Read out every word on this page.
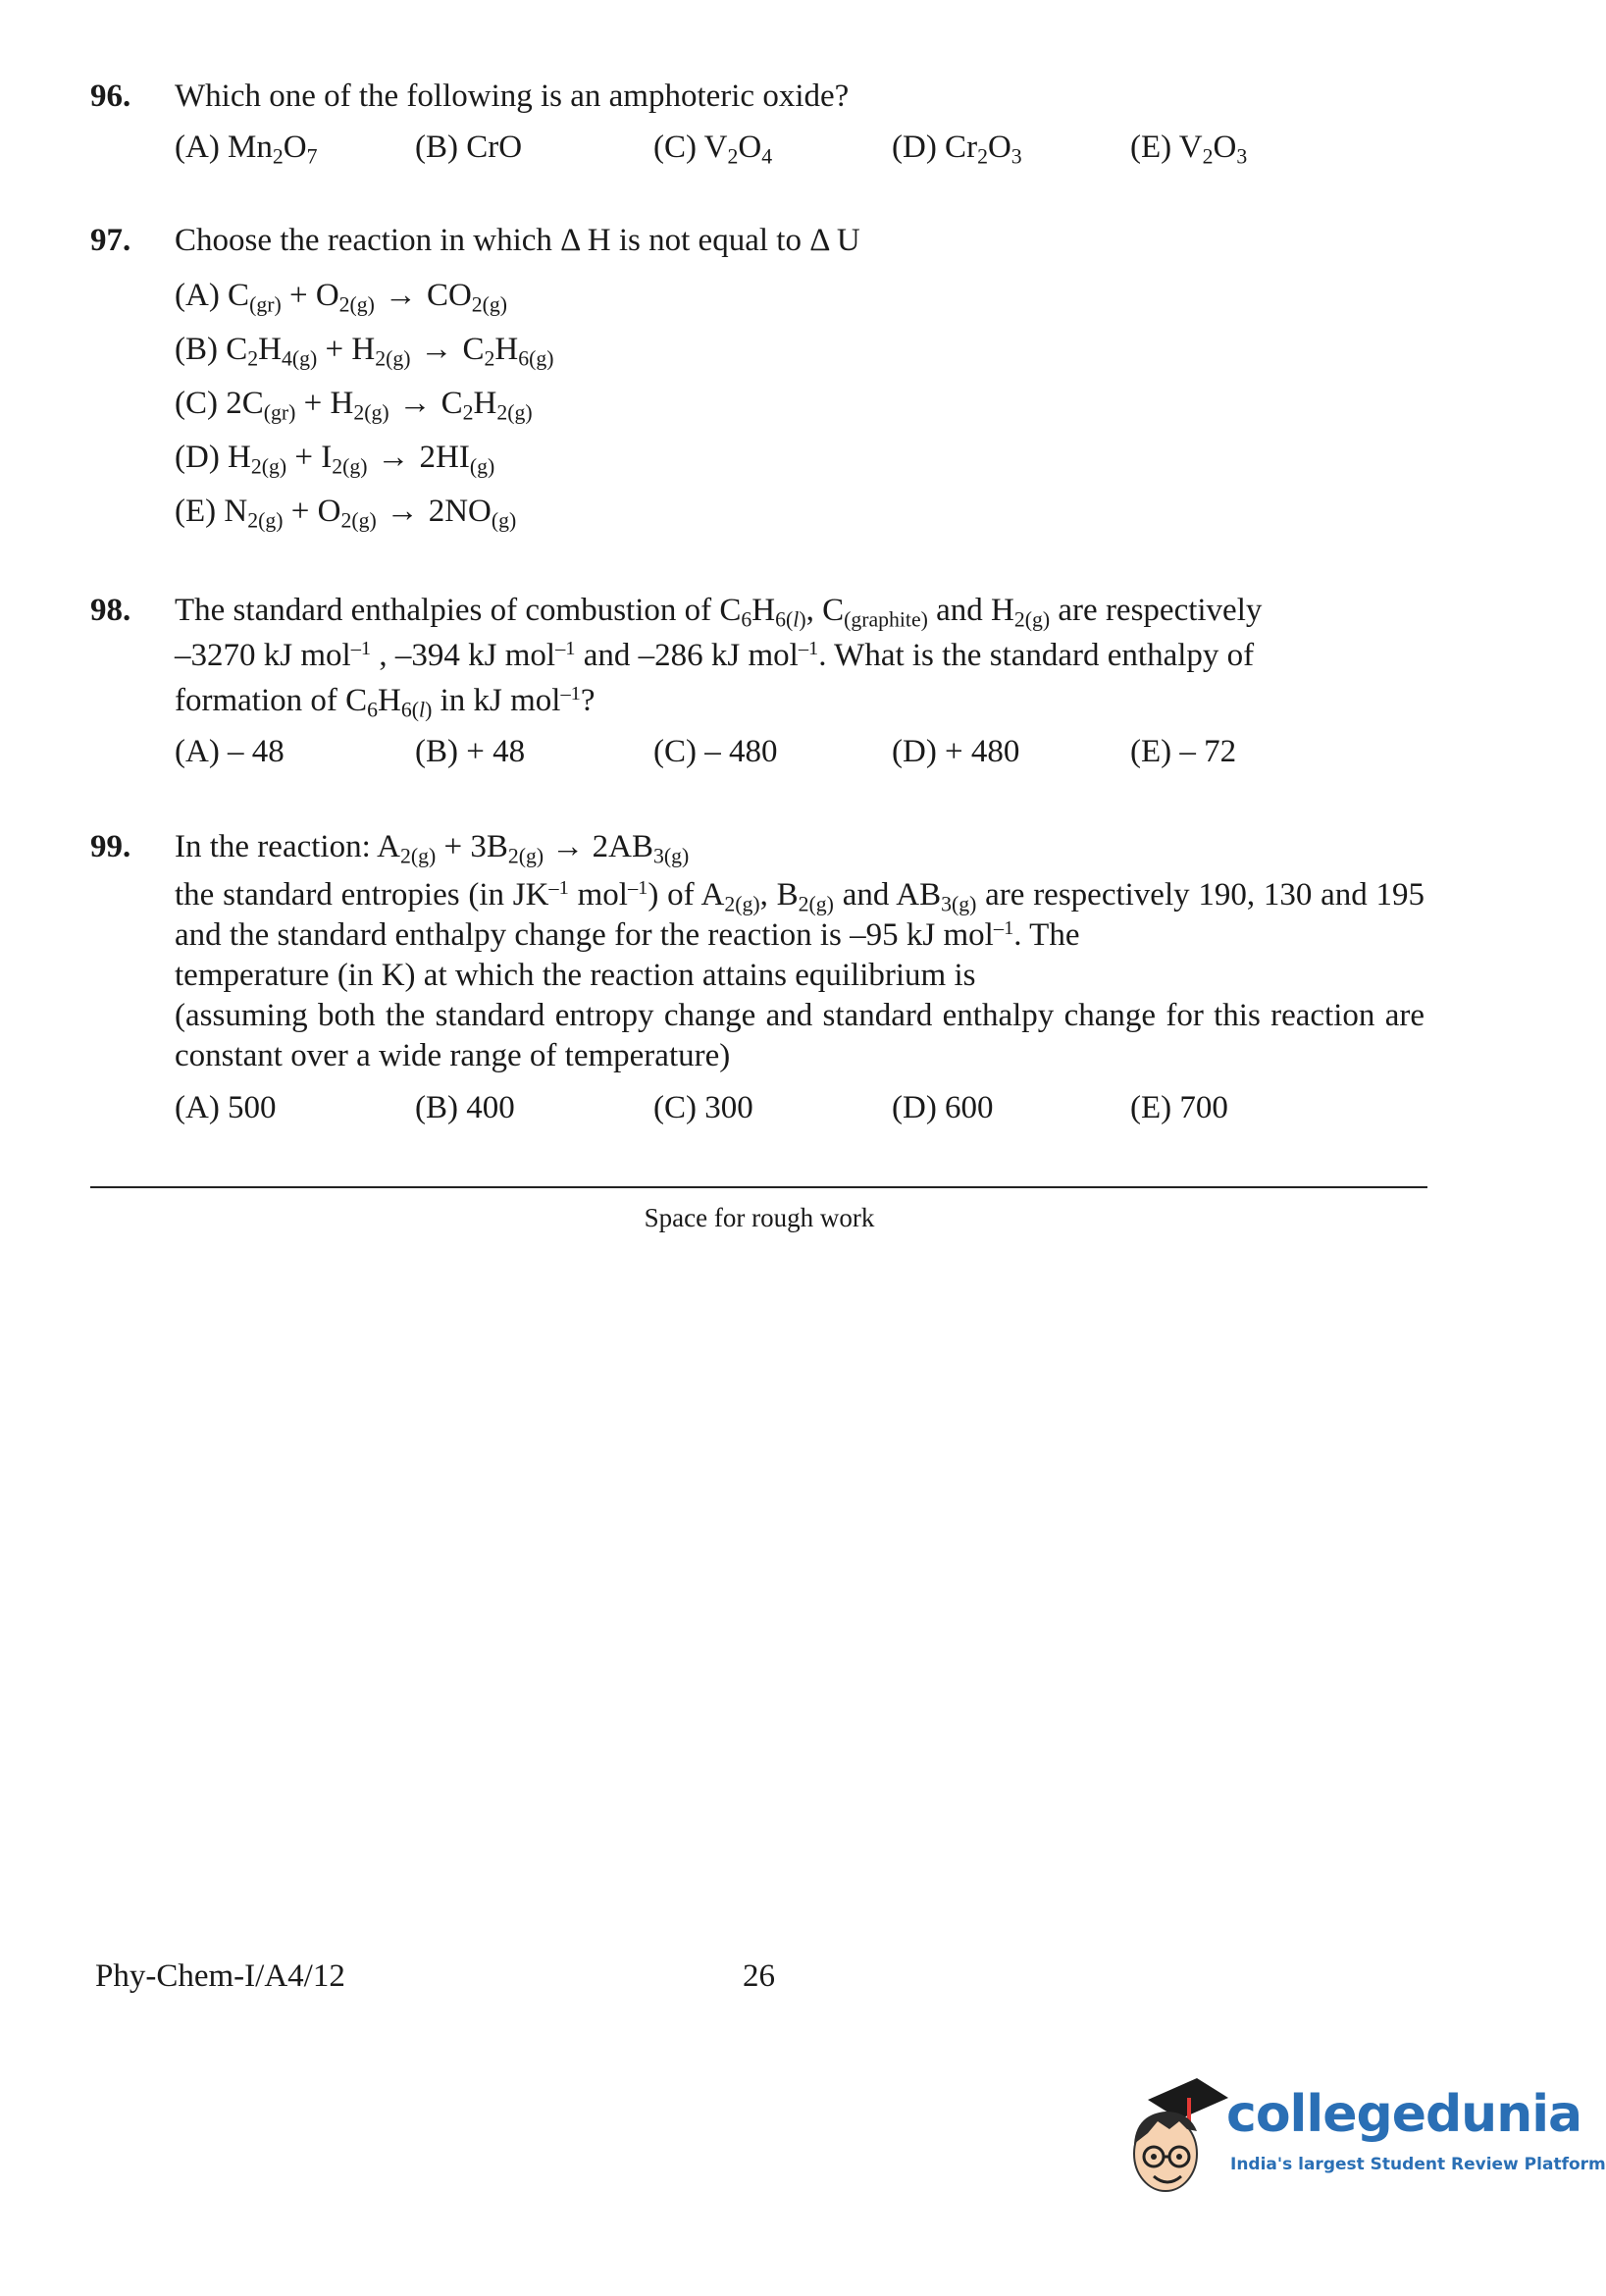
96. Which one of the following is an amphoteric oxide?
(A) $Mn_2O_7$	(B) CrO	(C) $V_2O_4$	(D) $Cr_2O_3$	(E) $V_2O_3$
97. Choose the reaction in which Δ H is not equal to Δ U
(A) $C_{(gr)} + O_{2(g)} \to CO_{2(g)}$
(B) $C_2H_{4(g)} + H_{2(g)} \to C_2H_{6(g)}$
(C) $2C_{(gr)} + H_{2(g)} \to C_2H_{2(g)}$
(D) $H_{2(g)} + I_{2(g)} \to 2HI_{(g)}$
(E) $N_{2(g)} + O_{2(g)} \to 2NO_{(g)}$
98. The standard enthalpies of combustion of $C_6H_{6(l)}$, $C_{(graphite)}$ and $H_{2(g)}$ are respectively
–3270 kJ mol$^{-1}$ , –394 kJ mol$^{-1}$ and –286 kJ mol$^{-1}$. What is the standard enthalpy of
formation of $C_6H_{6(l)}$ in kJ mol$^{-1}$?
(A) – 48	(B) + 48	(C) – 480	(D) + 480	(E) – 72
99. In the reaction: $A_{2(g)} + 3B_{2(g)} \to 2AB_{3(g)}$
the standard entropies (in $JK^{-1}$ mol$^{-1}$) of $A_{2(g)}$, $B_{2(g)}$ and $AB_{3(g)}$ are respectively 190, 130 and 195 and the standard enthalpy change for the reaction is –95 kJ mol$^{-1}$. The
temperature (in K) at which the reaction attains equilibrium is
(assuming both the standard entropy change and standard enthalpy change for this reaction are constant over a wide range of temperature)
(A) 500	(B) 400	(C) 300	(D) 600	(E) 700
Space for rough work
Phy-Chem-I/A4/12	26
collegedunia
India's largest Student Review Platform
